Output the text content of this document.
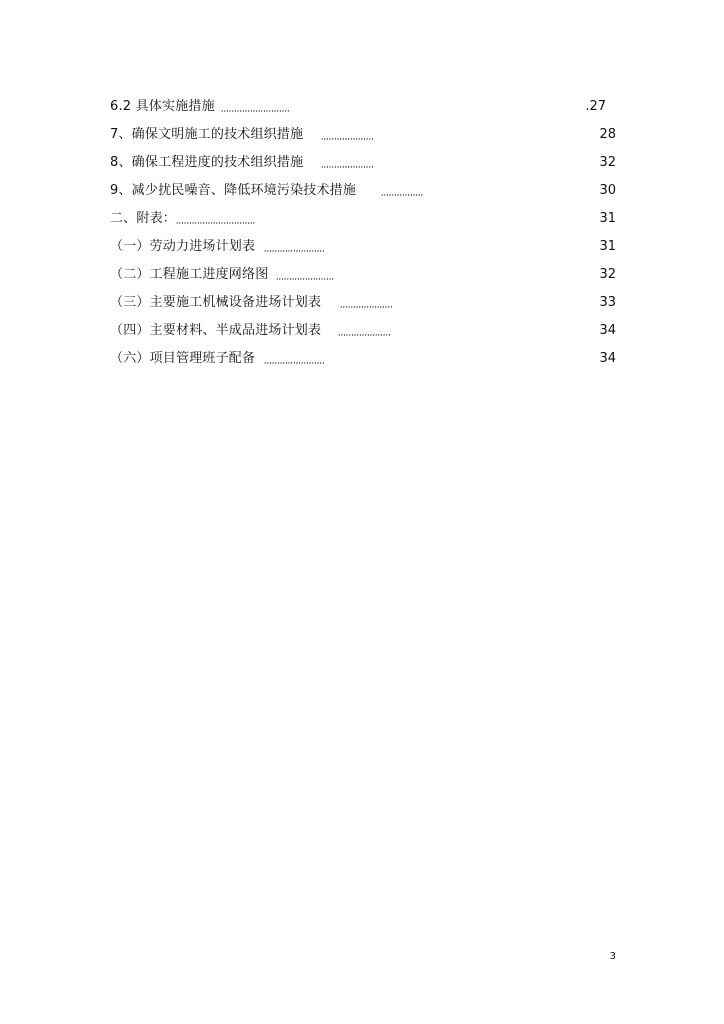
6.2 具体实施措施 ,,,,,,,,,,,,,,,,,,,,,,,,,,	.27
7、确保文明施工的技术组织措施 ,,,,,,,,,,,,,,,,,,,,	28
8、确保工程进度的技术组织措施 ,,,,,,,,,,,,,,,,,,,,	32
9、减少扰民噪音、降低环境污染技术措施	,,,,,,,,,,,,,,,,	30
二、附表： ,,,,,,,,,,,,,,,,,,,,,,,,,,,,,,	31
（一）劳动力进场计划表 ,,,,,,,,,,,,,,,,,,,,,,,	31
（二）工程施工进度网络图 ,,,,,,,,,,,,,,,,,,,,,,	32
（三）主要施工机械设备进场计划表 ,,,,,,,,,,,,,,,,,,,,	33
（四）主要材料、半成品进场计划表 ,,,,,,,,,,,,,,,,,,,,	34
（六）项目管理班子配备 ,,,,,,,,,,,,,,,,,,,,,,,	34
3
